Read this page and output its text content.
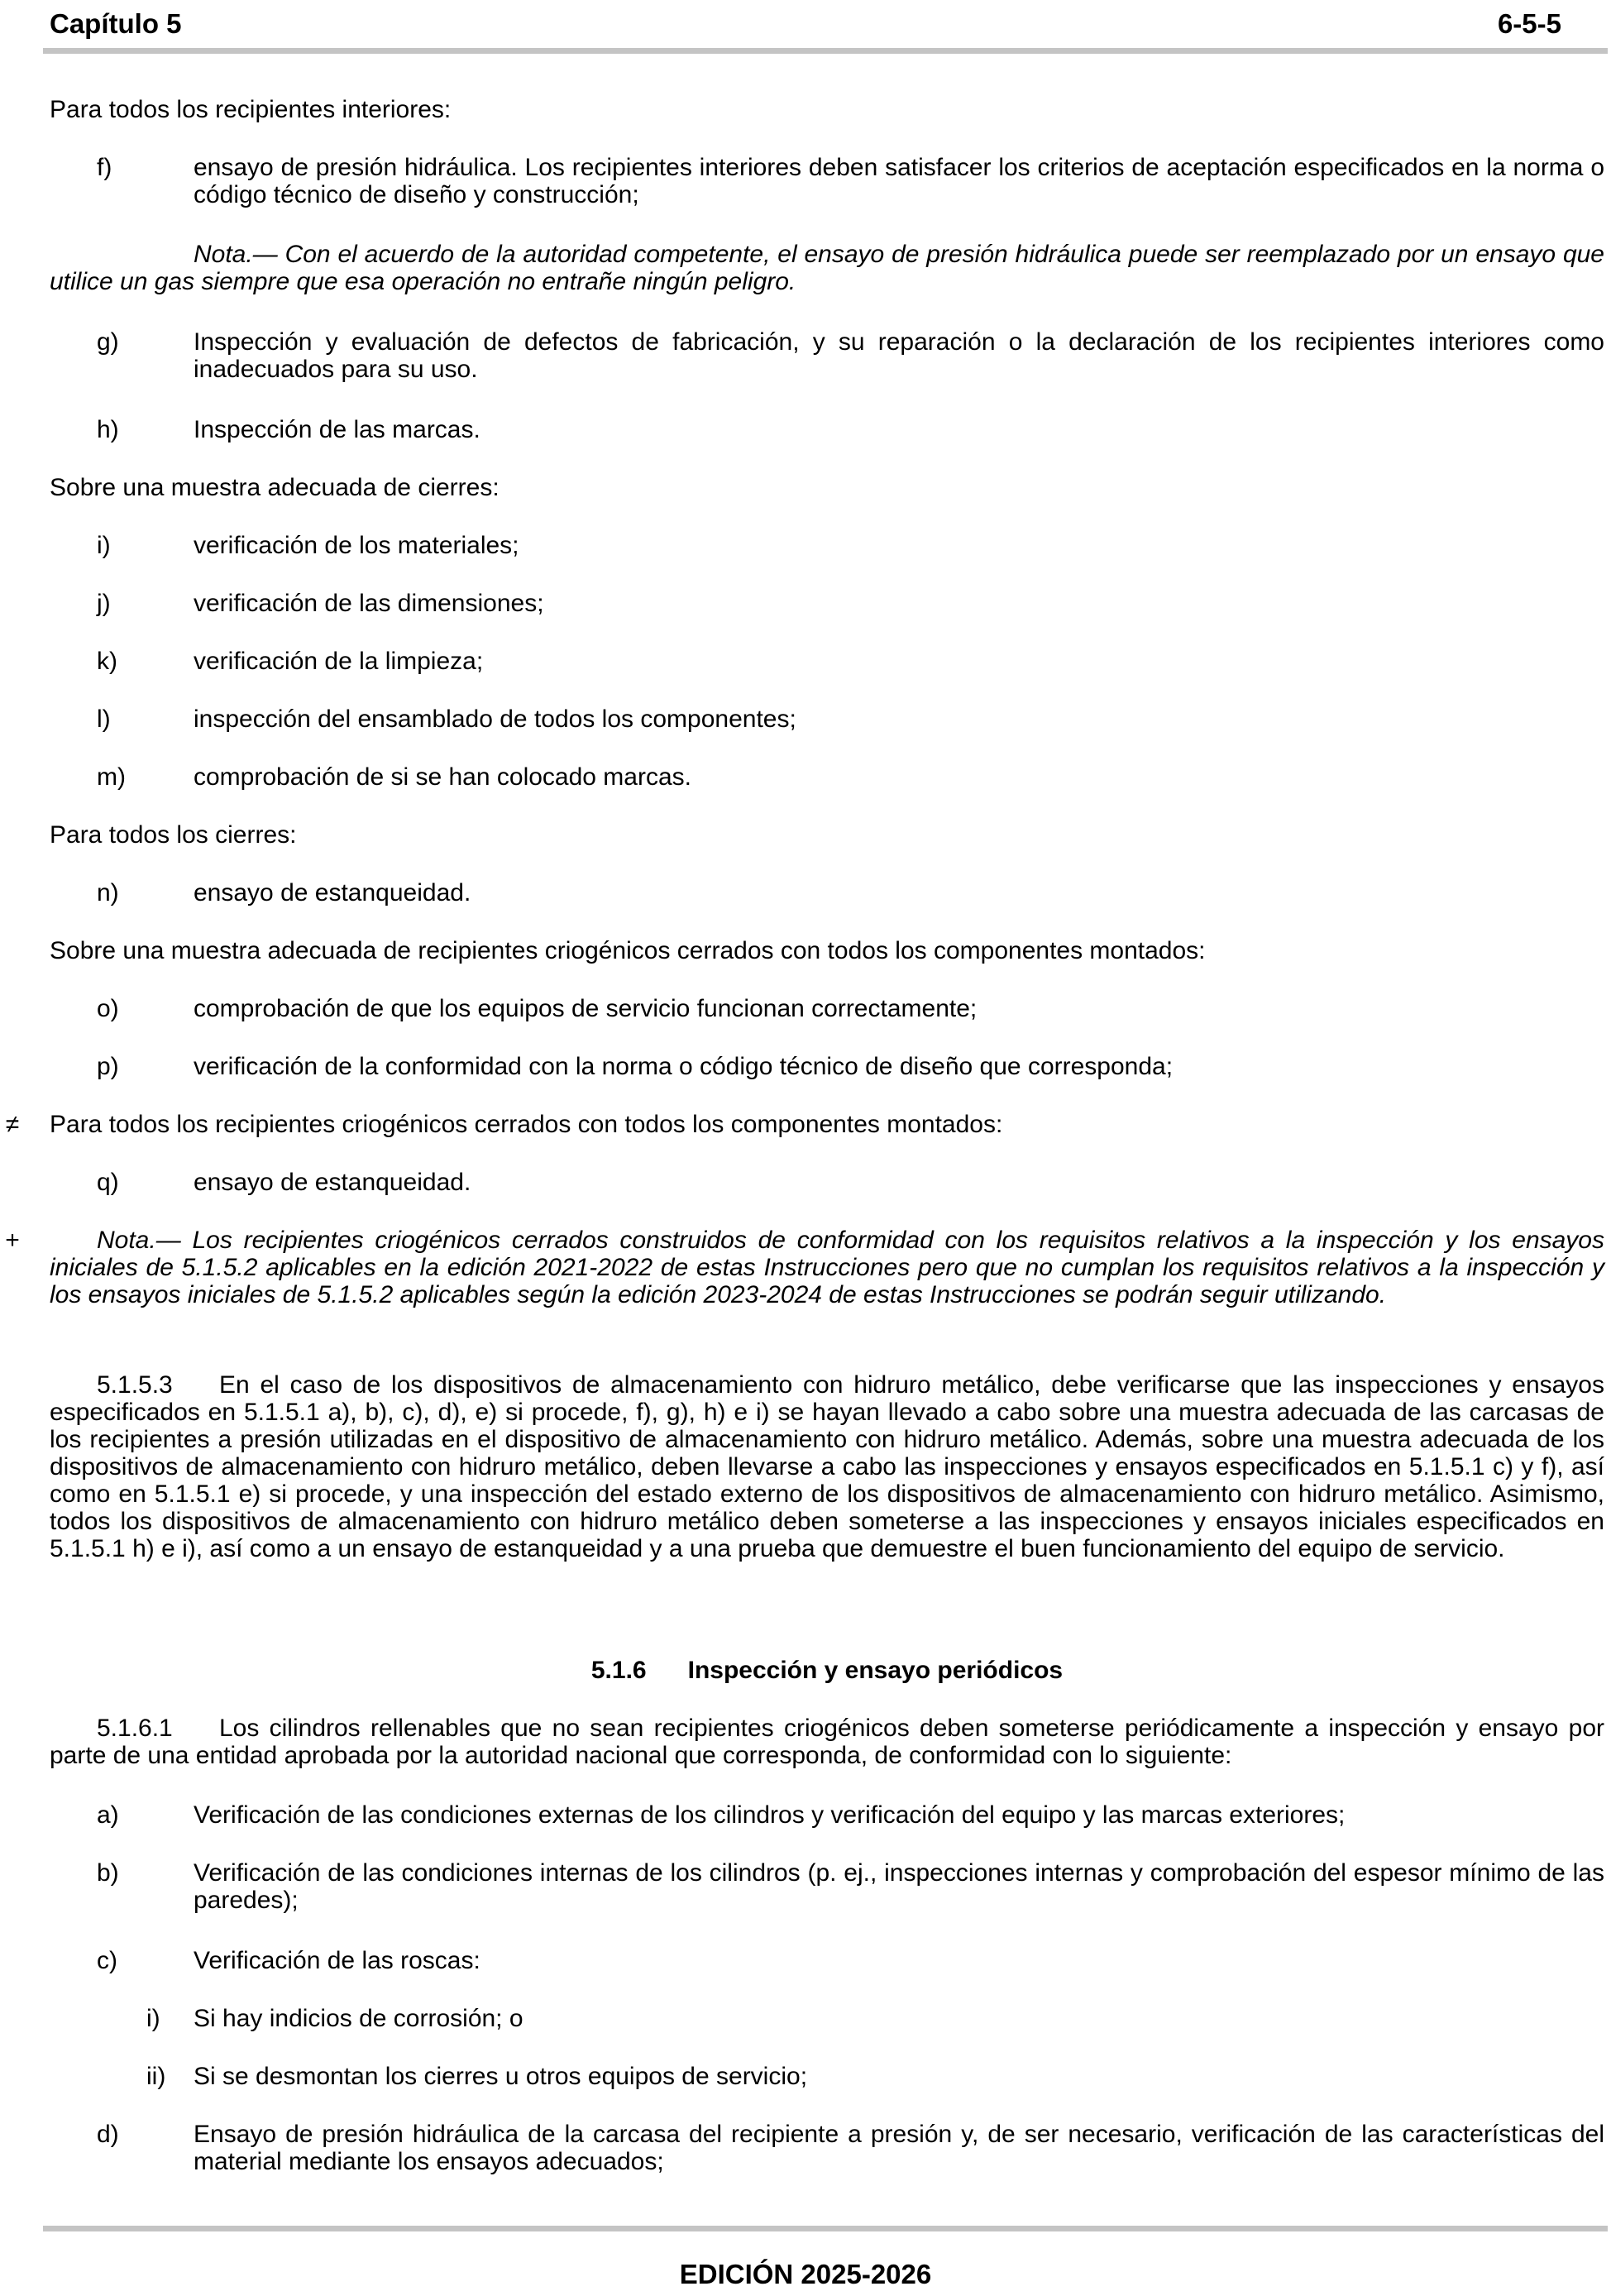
Capítulo 5	6-5-5
Para todos los recipientes interiores:
f)	ensayo de presión hidráulica. Los recipientes interiores deben satisfacer los criterios de aceptación especificados en la norma o código técnico de diseño y construcción;
Nota.— Con el acuerdo de la autoridad competente, el ensayo de presión hidráulica puede ser reemplazado por un ensayo que utilice un gas siempre que esa operación no entrañe ningún peligro.
g)	Inspección y evaluación de defectos de fabricación, y su reparación o la declaración de los recipientes interiores como inadecuados para su uso.
h)	Inspección de las marcas.
Sobre una muestra adecuada de cierres:
i)	verificación de los materiales;
j)	verificación de las dimensiones;
k)	verificación de la limpieza;
l)	inspección del ensamblado de todos los componentes;
m)	comprobación de si se han colocado marcas.
Para todos los cierres:
n)	ensayo de estanqueidad.
Sobre una muestra adecuada de recipientes criogénicos cerrados con todos los componentes montados:
o)	comprobación de que los equipos de servicio funcionan correctamente;
p)	verificación de la conformidad con la norma o código técnico de diseño que corresponda;
≠ Para todos los recipientes criogénicos cerrados con todos los componentes montados:
q)	ensayo de estanqueidad.
+	Nota.— Los recipientes criogénicos cerrados construidos de conformidad con los requisitos relativos a la inspección y los ensayos iniciales de 5.1.5.2 aplicables en la edición 2021-2022 de estas Instrucciones pero que no cumplan los requisitos relativos a la inspección y los ensayos iniciales de 5.1.5.2 aplicables según la edición 2023-2024 de estas Instrucciones se podrán seguir utilizando.
5.1.5.3 En el caso de los dispositivos de almacenamiento con hidruro metálico, debe verificarse que las inspecciones y ensayos especificados en 5.1.5.1 a), b), c), d), e) si procede, f), g), h) e i) se hayan llevado a cabo sobre una muestra adecuada de las carcasas de los recipientes a presión utilizadas en el dispositivo de almacenamiento con hidruro metálico. Además, sobre una muestra adecuada de los dispositivos de almacenamiento con hidruro metálico, deben llevarse a cabo las inspecciones y ensayos especificados en 5.1.5.1 c) y f), así como en 5.1.5.1 e) si procede, y una inspección del estado externo de los dispositivos de almacenamiento con hidruro metálico. Asimismo, todos los dispositivos de almacenamiento con hidruro metálico deben someterse a las inspecciones y ensayos iniciales especificados en 5.1.5.1 h) e i), así como a un ensayo de estanqueidad y a una prueba que demuestre el buen funcionamiento del equipo de servicio.
5.1.6 Inspección y ensayo periódicos
5.1.6.1 Los cilindros rellenables que no sean recipientes criogénicos deben someterse periódicamente a inspección y ensayo por parte de una entidad aprobada por la autoridad nacional que corresponda, de conformidad con lo siguiente:
a)	Verificación de las condiciones externas de los cilindros y verificación del equipo y las marcas exteriores;
b)	Verificación de las condiciones internas de los cilindros (p. ej., inspecciones internas y comprobación del espesor mínimo de las paredes);
c)	Verificación de las roscas:
i) Si hay indicios de corrosión; o
ii) Si se desmontan los cierres u otros equipos de servicio;
d)	Ensayo de presión hidráulica de la carcasa del recipiente a presión y, de ser necesario, verificación de las características del material mediante los ensayos adecuados;
EDICIÓN 2025-2026
